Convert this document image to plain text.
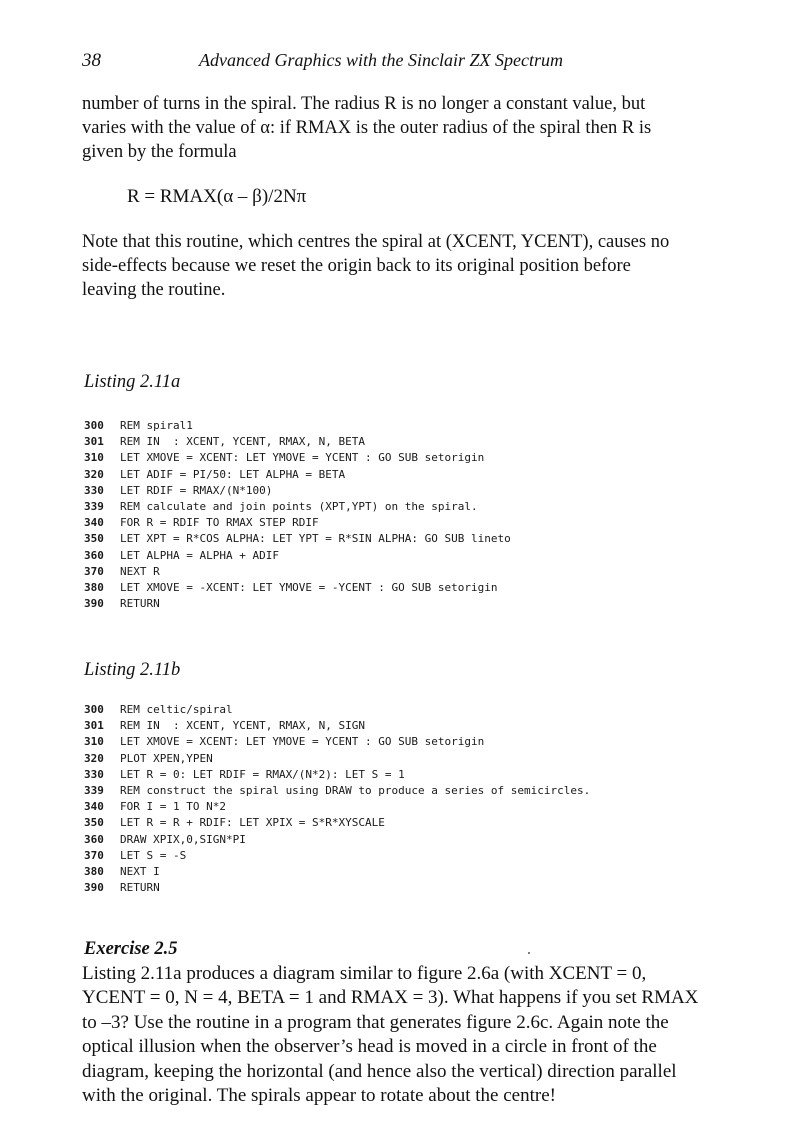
38	Advanced Graphics with the Sinclair ZX Spectrum
number of turns in the spiral. The radius R is no longer a constant value, but
varies with the value of α: if RMAX is the outer radius of the spiral then R is
given by the formula
R = RMAX(α – β)/2Nπ
Note that this routine, which centres the spiral at (XCENT, YCENT), causes no
side-effects because we reset the origin back to its original position before
leaving the routine.
Listing 2.11a
300 REM spiral1
301 REM IN  : XCENT, YCENT, RMAX, N, BETA
310 LET XMOVE = XCENT: LET YMOVE = YCENT : GO SUB setorigin
320 LET ADIF = PI/50: LET ALPHA = BETA
330 LET RDIF = RMAX/(N*100)
339 REM calculate and join points (XPT,YPT) on the spiral.
340 FOR R = RDIF TO RMAX STEP RDIF
350 LET XPT = R*COS ALPHA: LET YPT = R*SIN ALPHA: GO SUB lineto
360 LET ALPHA = ALPHA + ADIF
370 NEXT R
380 LET XMOVE = -XCENT: LET YMOVE = -YCENT : GO SUB setorigin
390 RETURN
Listing 2.11b
300 REM celtic/spiral
301 REM IN  : XCENT, YCENT, RMAX, N, SIGN
310 LET XMOVE = XCENT: LET YMOVE = YCENT : GO SUB setorigin
320 PLOT XPEN,YPEN
330 LET R = 0: LET RDIF = RMAX/(N*2): LET S = 1
339 REM construct the spiral using DRAW to produce a series of semicircles.
340 FOR I = 1 TO N*2
350 LET R = R + RDIF: LET XPIX = S*R*XYSCALE
360 DRAW XPIX,0,SIGN*PI
370 LET S = -S
380 NEXT I
390 RETURN
Exercise 2.5
Listing 2.11a produces a diagram similar to figure 2.6a (with XCENT = 0,
YCENT = 0, N = 4, BETA = 1 and RMAX = 3). What happens if you set RMAX
to –3? Use the routine in a program that generates figure 2.6c. Again note the
optical illusion when the observer’s head is moved in a circle in front of the
diagram, keeping the horizontal (and hence also the vertical) direction parallel
with the original. The spirals appear to rotate about the centre!
